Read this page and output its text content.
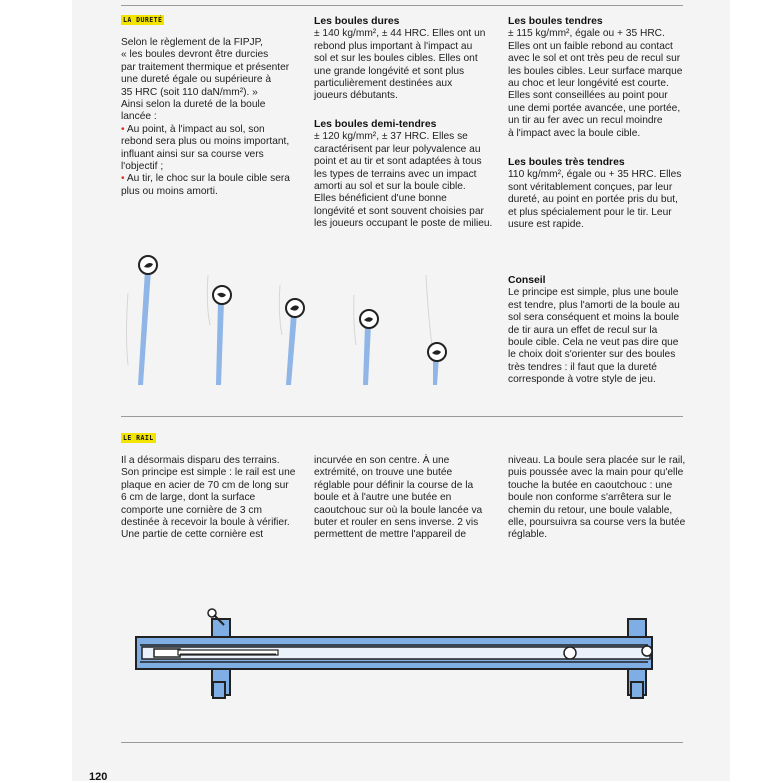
LA DURETÉ
Selon le règlement de la FIPJP,
« les boules devront être durcies
par traitement thermique et présenter
une dureté égale ou supérieure à
35 HRC (soit 110 daN/mm²). »
Ainsi selon la dureté de la boule
lancée :

• Au point, à l'impact au sol, son
rebond sera plus ou moins important,
influant ainsi sur sa course vers
l'objectif ;
• Au tir, le choc sur la boule cible sera
plus ou moins amorti.

Les boules dures

± 140 kg/mm², ± 44 HRC. Elles ont un
rebond plus important à l'impact au
sol et sur les boules cibles. Elles ont
une grande longévité et sont plus
particulièrement destinées aux
joueurs débutants.

Les boules demi-tendres

± 120 kg/mm², ± 37 HRC. Elles se
caractérisent par leur polyvalence au
point et au tir et sont adaptées à tous
les types de terrains avec un impact
amorti au sol et sur la boule cible.
Elles bénéficient d'une bonne
longévité et sont souvent choisies par
les joueurs occupant le poste de milieu.

Les boules tendres

± 115 kg/mm², égale ou + 35 HRC.
Elles ont un faible rebond au contact
avec le sol et ont très peu de recul sur
les boules cibles. Leur surface marque
au choc et leur longévité est courte.
Elles sont conseillées au point pour
une demi portée avancée, une portée,
un tir au fer avec un recul moindre
à l'impact avec la boule cible.

Les boules très tendres

110 kg/mm², égale ou + 35 HRC. Elles
sont véritablement conçues, par leur
dureté, au point en portée pris du but,
et plus spécialement pour le tir. Leur
usure est rapide.

Conseil

Le principe est simple, plus une boule
est tendre, plus l'amorti de la boule au
sol sera conséquent et moins la boule
de tir aura un effet de recul sur la
boule cible. Cela ne veut pas dire que
le choix doit s'orienter sur des boules
très tendres : il faut que la dureté
corresponde à votre style de jeu.

LE RAIL
Il a désormais disparu des terrains.
Son principe est simple : le rail est une
plaque en acier de 70 cm de long sur
6 cm de large, dont la surface
comporte une cornière de 3 cm
destinée à recevoir la boule à vérifier.
Une partie de cette cornière est

incurvée en son centre. À une
extrémité, on trouve une butée
réglable pour définir la course de la
boule et à l'autre une butée en
caoutchouc sur où la boule lancée va
buter et rouler en sens inverse. 2 vis
permettent de mettre l'appareil de

niveau. La boule sera placée sur le rail,
puis poussée avec la main pour qu'elle
touche la butée en caoutchouc : une
boule non conforme s'arrêtera sur le
chemin du retour, une boule valable,
elle, poursuivra sa course vers la butée
réglable.

120
